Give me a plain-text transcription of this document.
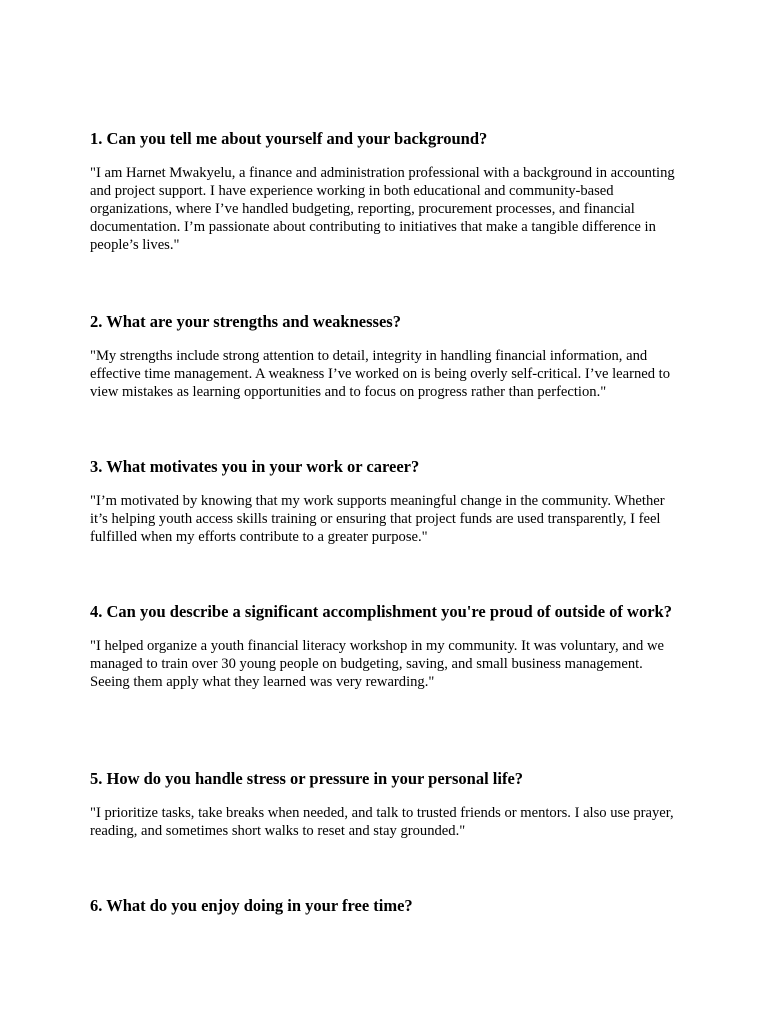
1. Can you tell me about yourself and your background?

"I am Harnet Mwakyelu, a finance and administration professional with a background in accounting and project support. I have experience working in both educational and community-based organizations, where I’ve handled budgeting, reporting, procurement processes, and financial documentation. I’m passionate about contributing to initiatives that make a tangible difference in people’s lives."

2. What are your strengths and weaknesses?

"My strengths include strong attention to detail, integrity in handling financial information, and effective time management. A weakness I’ve worked on is being overly self-critical. I’ve learned to view mistakes as learning opportunities and to focus on progress rather than perfection."

3. What motivates you in your work or career?

"I’m motivated by knowing that my work supports meaningful change in the community. Whether it’s helping youth access skills training or ensuring that project funds are used transparently, I feel fulfilled when my efforts contribute to a greater purpose."

4. Can you describe a significant accomplishment you're proud of outside of work?

"I helped organize a youth financial literacy workshop in my community. It was voluntary, and we managed to train over 30 young people on budgeting, saving, and small business management. Seeing them apply what they learned was very rewarding."

5. How do you handle stress or pressure in your personal life?

"I prioritize tasks, take breaks when needed, and talk to trusted friends or mentors. I also use prayer, reading, and sometimes short walks to reset and stay grounded."

6. What do you enjoy doing in your free time?
